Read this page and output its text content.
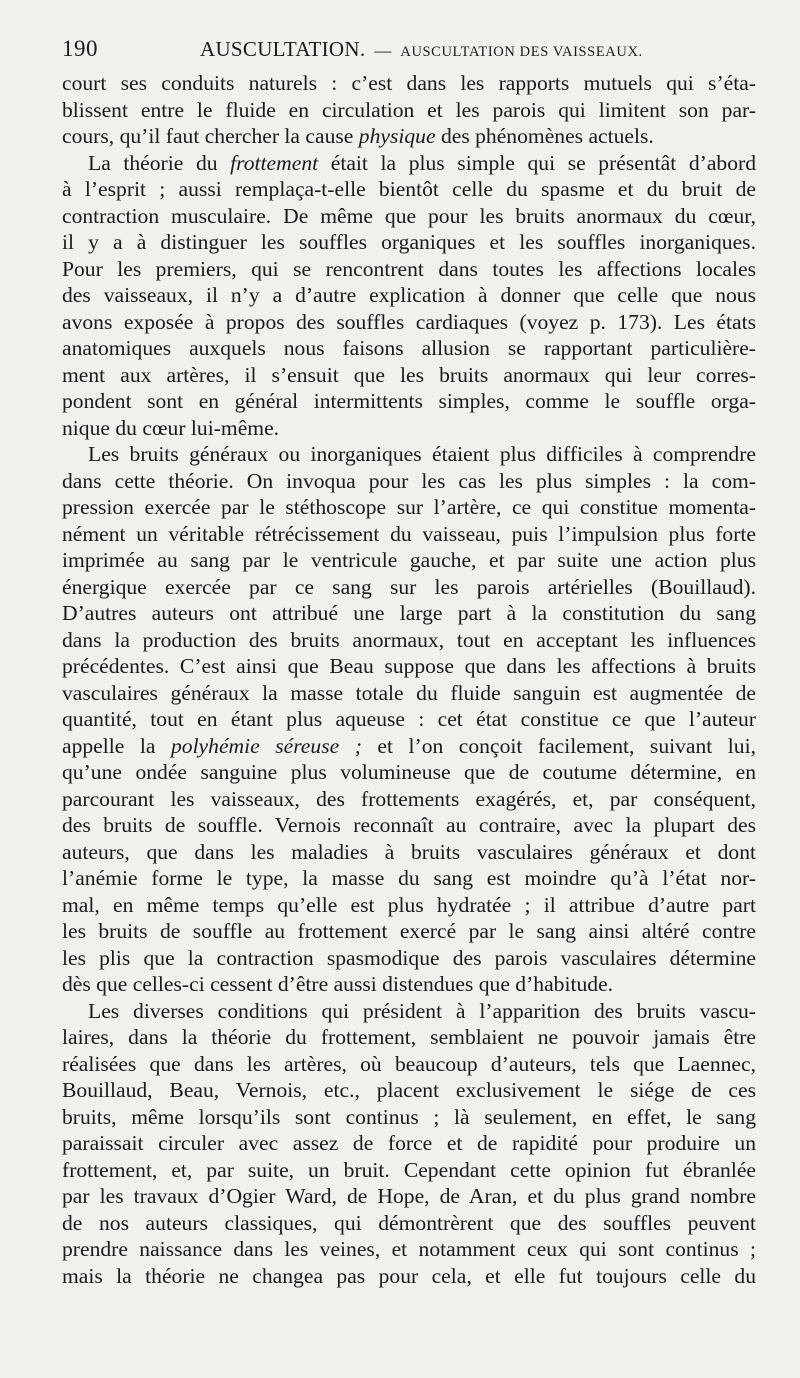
190	AUSCULTATION. — AUSCULTATION DES VAISSEAUX.
court ses conduits naturels : c’est dans les rapports mutuels qui s’éta-
blissent entre le fluide en circulation et les parois qui limitent son par-
cours, qu’il faut chercher la cause physique des phénomènes actuels.
La théorie du frottement était la plus simple qui se présentât d’abord
à l’esprit ; aussi remplaça-t-elle bientôt celle du spasme et du bruit de
contraction musculaire. De même que pour les bruits anormaux du cœur,
il y a à distinguer les souffles organiques et les souffles inorganiques.
Pour les premiers, qui se rencontrent dans toutes les affections locales
des vaisseaux, il n’y a d’autre explication à donner que celle que nous
avons exposée à propos des souffles cardiaques (voyez p. 173). Les états
anatomiques auxquels nous faisons allusion se rapportant particulière-
ment aux artères, il s’ensuit que les bruits anormaux qui leur corres-
pondent sont en général intermittents simples, comme le souffle orga-
nique du cœur lui-même.
Les bruits généraux ou inorganiques étaient plus difficiles à comprendre
dans cette théorie. On invoqua pour les cas les plus simples : la com-
pression exercée par le stéthoscope sur l’artère, ce qui constitue momenta-
nément un véritable rétrécissement du vaisseau, puis l’impulsion plus forte
imprimée au sang par le ventricule gauche, et par suite une action plus
énergique exercée par ce sang sur les parois artérielles (Bouillaud).
D’autres auteurs ont attribué une large part à la constitution du sang
dans la production des bruits anormaux, tout en acceptant les influences
précédentes. C’est ainsi que Beau suppose que dans les affections à bruits
vasculaires généraux la masse totale du fluide sanguin est augmentée de
quantité, tout en étant plus aqueuse : cet état constitue ce que l’auteur
appelle la polyhémie séreuse ; et l’on conçoit facilement, suivant lui,
qu’une ondée sanguine plus volumineuse que de coutume détermine, en
parcourant les vaisseaux, des frottements exagérés, et, par conséquent,
des bruits de souffle. Vernois reconnaît au contraire, avec la plupart des
auteurs, que dans les maladies à bruits vasculaires généraux et dont
l’anémie forme le type, la masse du sang est moindre qu’à l’état nor-
mal, en même temps qu’elle est plus hydratée ; il attribue d’autre part
les bruits de souffle au frottement exercé par le sang ainsi altéré contre
les plis que la contraction spasmodique des parois vasculaires détermine
dès que celles-ci cessent d’être aussi distendues que d’habitude.
Les diverses conditions qui président à l’apparition des bruits vascu-
laires, dans la théorie du frottement, semblaient ne pouvoir jamais être
réalisées que dans les artères, où beaucoup d’auteurs, tels que Laennec,
Bouillaud, Beau, Vernois, etc., placent exclusivement le siége de ces
bruits, même lorsqu’ils sont continus ; là seulement, en effet, le sang
paraissait circuler avec assez de force et de rapidité pour produire un
frottement, et, par suite, un bruit. Cependant cette opinion fut ébranlée
par les travaux d’Ogier Ward, de Hope, de Aran, et du plus grand nombre
de nos auteurs classiques, qui démontrèrent que des souffles peuvent
prendre naissance dans les veines, et notamment ceux qui sont continus ;
mais la théorie ne changea pas pour cela, et elle fut toujours celle du
